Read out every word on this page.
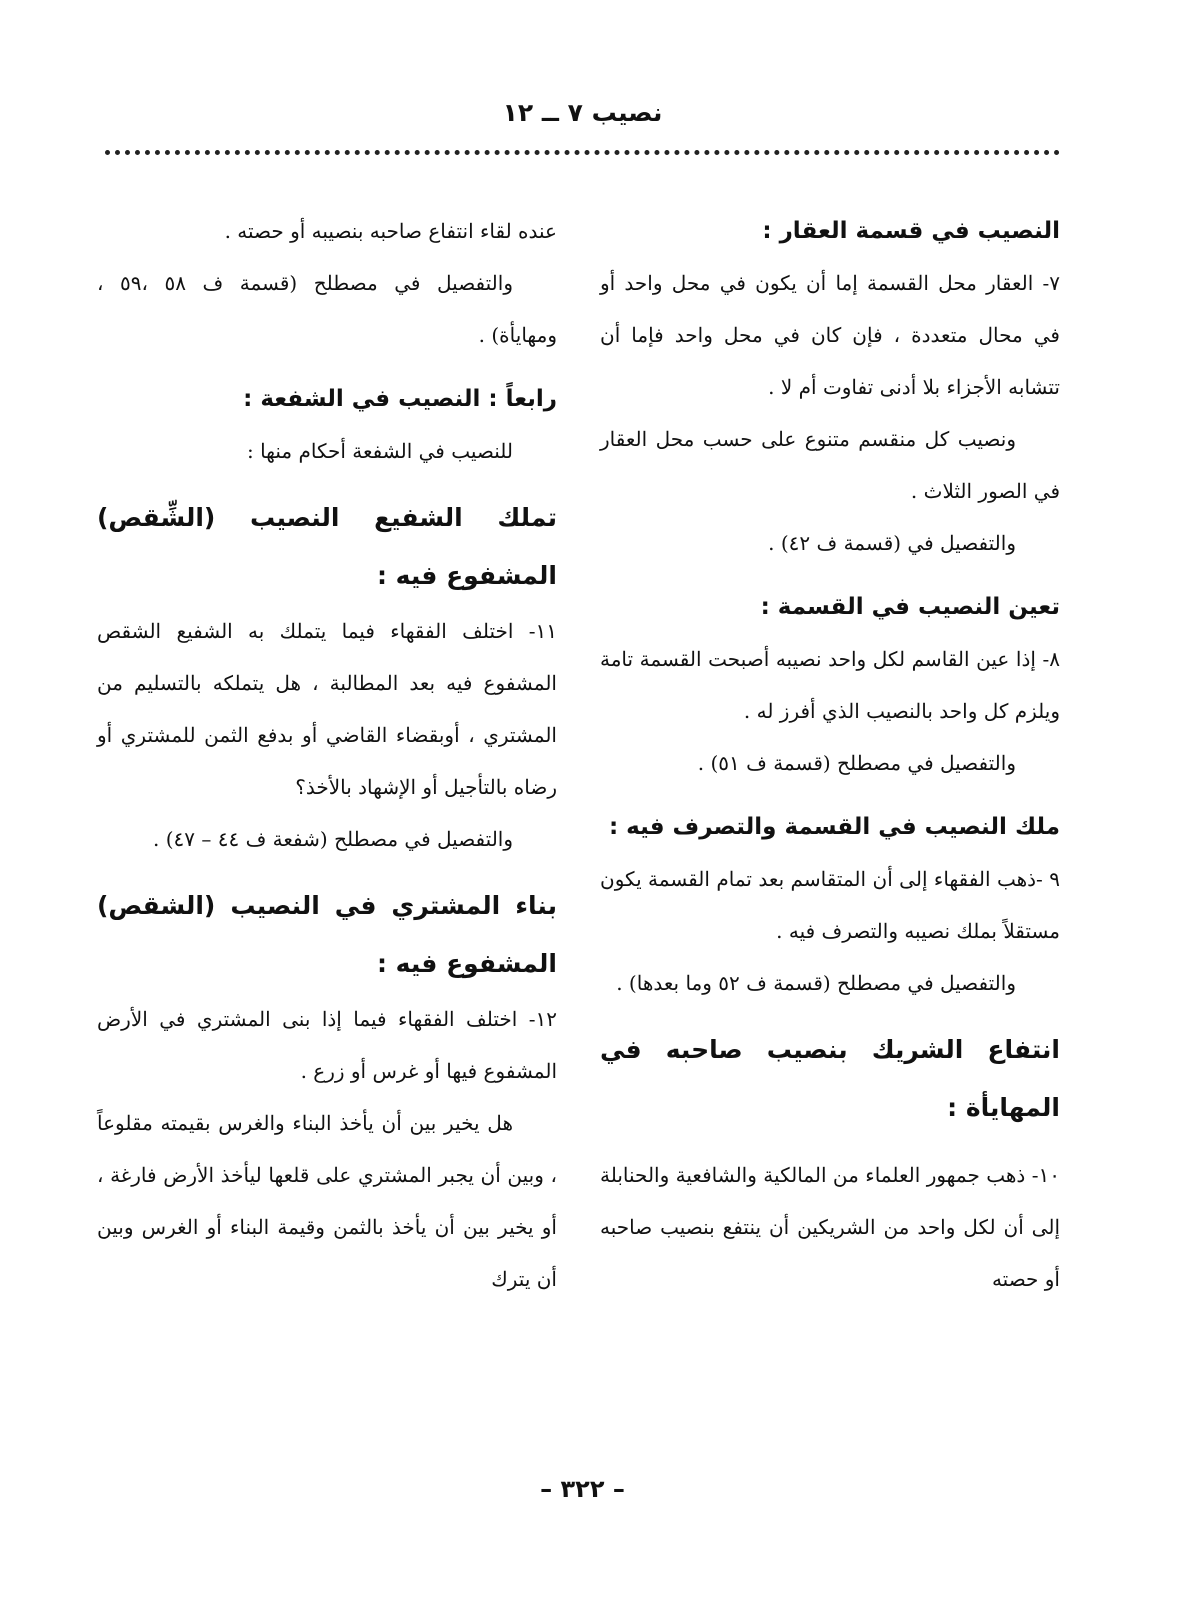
نصيب ٧ ــ ١٢
النصيب في قسمة العقار :

٧- العقار محل القسمة إما أن يكون في محل واحد أو في محال متعددة ، فإن كان في محل واحد فإما أن تتشابه الأجزاء بلا أدنى تفاوت أم لا .

ونصيب كل منقسم متنوع على حسب محل العقار في الصور الثلاث .

والتفصيل في (قسمة ف ٤٢) .

تعين النصيب في القسمة :

٨- إذا عين القاسم لكل واحد نصيبه أصبحت القسمة تامة ويلزم كل واحد بالنصيب الذي أفرز له .

والتفصيل في مصطلح (قسمة ف ٥١) .

ملك النصيب في القسمة والتصرف فيه :

٩ -ذهب الفقهاء إلى أن المتقاسم بعد تمام القسمة يكون مستقلاً بملك نصيبه والتصرف فيه .

والتفصيل في مصطلح (قسمة ف ٥٢ وما بعدها) .

انتفاع الشريك بنصيب صاحبه في المهايأة :

١٠- ذهب جمهور العلماء من المالكية والشافعية والحنابلة إلى أن لكل واحد من الشريكين أن ينتفع بنصيب صاحبه أو حصته

عنده لقاء انتفاع صاحبه بنصيبه أو حصته .

والتفصيل في مصطلح (قسمة ف ٥٨ ،٥٩ ، ومهايأة) .

رابعاً : النصيب في الشفعة :

للنصيب في الشفعة أحكام منها :

تملك الشفيع النصيب (الشِّقص) المشفوع فيه :

١١- اختلف الفقهاء فيما يتملك به الشفيع الشقص المشفوع فيه بعد المطالبة ، هل يتملكه بالتسليم من المشتري ، أوبقضاء القاضي أو بدفع الثمن للمشتري أو رضاه بالتأجيل أو الإشهاد بالأخذ؟

والتفصيل في مصطلح (شفعة ف ٤٤ – ٤٧) .

بناء المشتري في النصيب (الشقص) المشفوع فيه :

١٢- اختلف الفقهاء فيما إذا بنى المشتري في الأرض المشفوع فيها أو غرس أو زرع .

هل يخير بين أن يأخذ البناء والغرس بقيمته مقلوعاً ، وبين أن يجبر المشتري على قلعها ليأخذ الأرض فارغة ، أو يخير بين أن يأخذ بالثمن وقيمة البناء أو الغرس وبين أن يترك

– ٣٢٢ –
